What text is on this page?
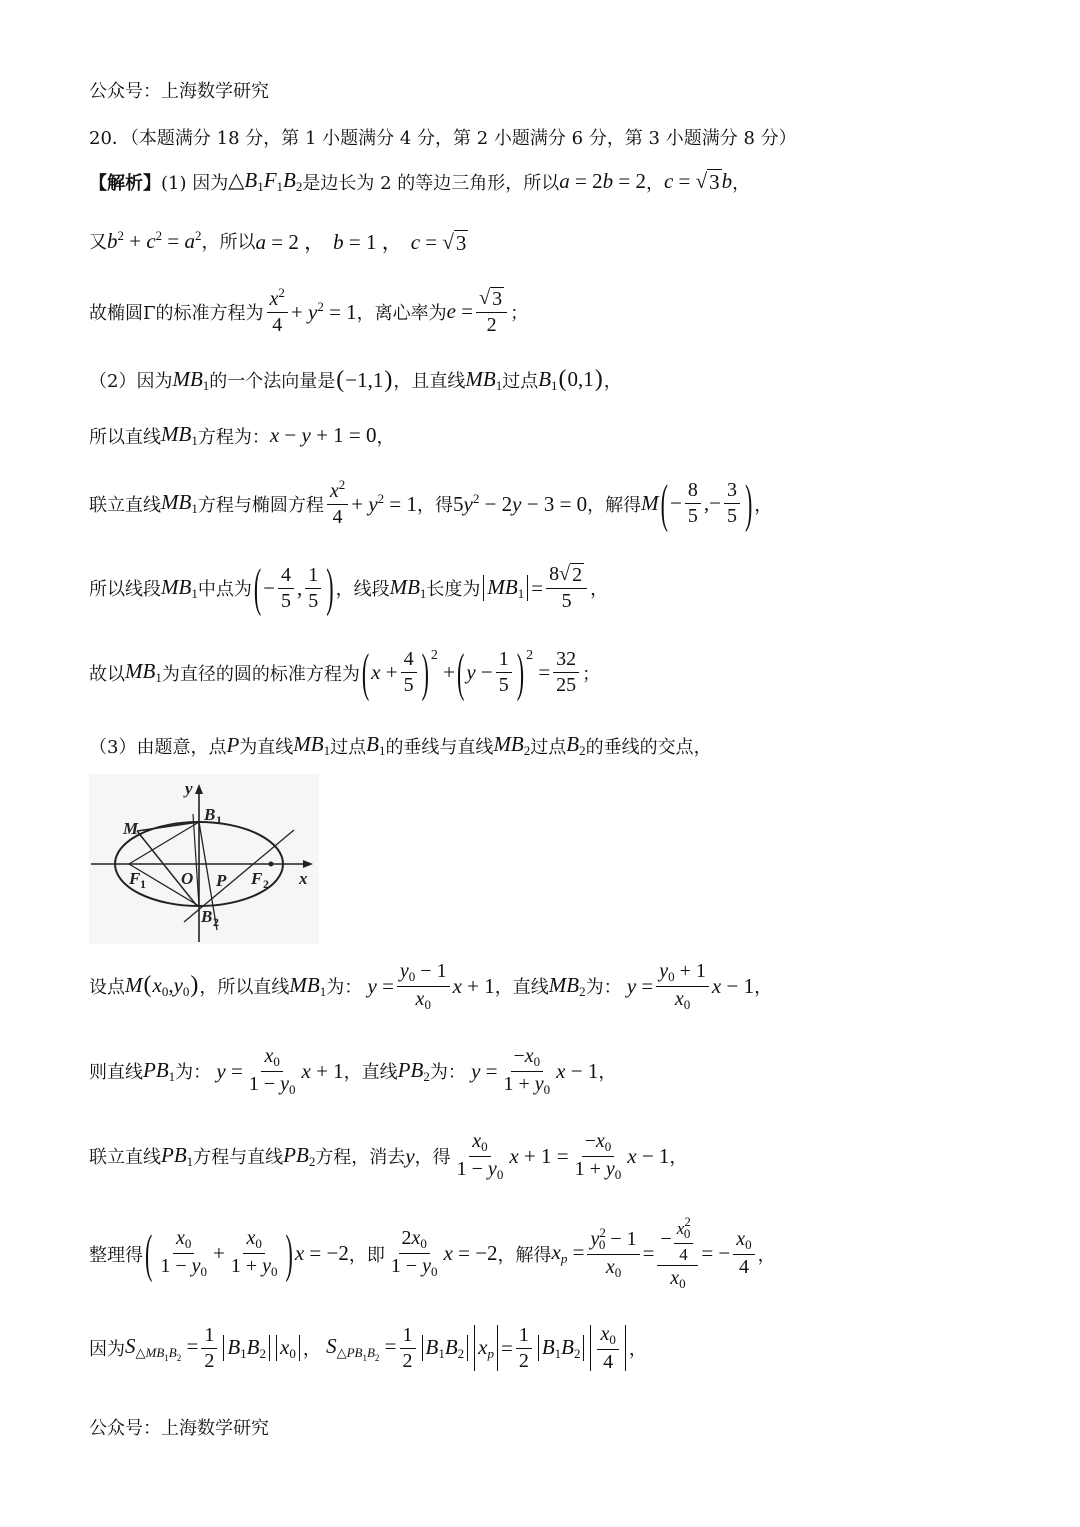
公众号：上海数学研究
20．（本题满分 18 分，第 1 小题满分 4 分，第 2 小题满分 6 分，第 3 小题满分 8 分）
【解析】 (1) 因为 $\triangle B_1F_1B_2$ 是边长为 2 的等边三角形，所以 a = 2b = 2 ， c = √ 3 b ，
又 $b^2 + c^2 = a^2$ ，所以 a = 2 ， b = 1 ， c = √ 3
故椭圆Γ的标准方程为 $\frac{x^2}{4} + y^2 = 1$ ，离心率为 $e = \frac{√ 3}{2}$ ；
（2）因为 $MB_1$ 的一个法向量是 (−1,1) ，且直线 $MB_1$ 过点 $B_1(0,1)$ ，
所以直线 $MB_1$ 方程为： x − y + 1 = 0 ，
联立直线 $MB_1$ 方程与椭圆方程 $\frac{x^2}{4} + y^2 = 1$ ，得 $5y^2 - 2y - 3 = 0$ ，解得 M ( − $\frac{8}{5}$ ,− $\frac{3}{5}$ ) ，
所以线段 $MB_1$ 中点为 ( − $\frac{4}{5}$ , $\frac{1}{5}$ ) ，线段 $MB_1$ 长度为 $MB_1 = \frac{8√ 2}{5}$ ，
故以 $MB_1$ 为直径的圆的标准方程为 ( $x + \frac{4}{5}$ ) 2
+ ( $y - \frac{1}{5}$ ) 2
= $\frac{32}{25}$ ；
（3）由题意，点 P 为直线 $MB_1$ 过点 $B_1$ 的垂线与直线 $MB_2$ 过点 $B_2$ 的垂线的交点，
y
x
B 1
M
F 1 O P F 2
B 2
设点 $M(x_0,y_0)$ ，所以直线 $MB_1$ 为： $y = \frac{y_0 - 1}{x_0}$ x + 1 ，直线 $MB_2$ 为： $y = \frac{y_0 + 1}{x_0}$ x − 1 ，
则直线 $PB_1$ 为： $y = \frac{x_0}{1 - y_0}$ x + 1 ，直线 $PB_2$ 为： $y = \frac{-x_0}{1 + y_0}$ x − 1 ，
联立直线 $PB_1$ 方程与直线 $PB_2$ 方程，消去 y ，得 $\frac{x_0}{1 - y_0}$ $x + 1 = \frac{-x_0}{1 + y_0}$ x − 1 ，
整理得 ( $\frac{x_0}{1 - y_0} + \frac{x_0}{1 + y_0}$ ) x = −2 ，即 $\frac{2x_0}{1 - y_0}$ x = −2 ，解得 $x_p = \frac{y^2_0 - 1}{x_0} = \frac{- \frac{x^2_0}{4}}{x_0}$ = − $\frac{x_0}{4}$ ，
因为 $S_{\triangle MB_1B_2} = \frac{1}{2} B_1B_2$ $x_0$ ， $S_{\triangle PB_1B_2} = \frac{1}{2} B_1B_2$ $x_p = \frac{1}{2} B_1B_2 \frac{x_0}{4}$ ，
公众号：上海数学研究
